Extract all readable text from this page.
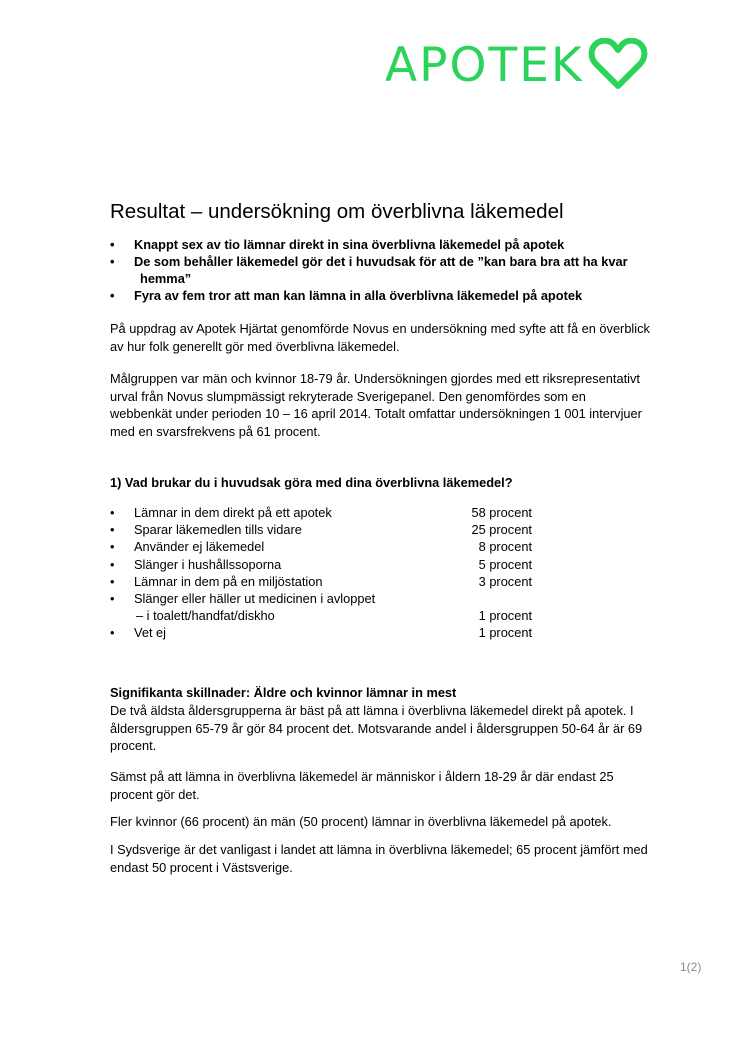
APOTEK
Resultat – undersökning om överblivna läkemedel
•	Knappt sex av tio lämnar direkt in sina överblivna läkemedel på apotek
•	De som behåller läkemedel gör det i huvudsak för att de ”kan bara bra att ha kvar
hemma”
•	Fyra av fem tror att man kan lämna in alla överblivna läkemedel på apotek
På uppdrag av Apotek Hjärtat genomförde Novus en undersökning med syfte att få en överblick av hur folk generellt gör med överblivna läkemedel.
Målgruppen var män och kvinnor 18-79 år. Undersökningen gjordes med ett riksrepresentativt urval från Novus slumpmässigt rekryterade Sverigepanel. Den genomfördes som en webbenkät under perioden 10 – 16 april 2014. Totalt omfattar undersökningen 1 001 intervjuer med en svarsfrekvens på 61 procent.
1) Vad brukar du i huvudsak göra med dina överblivna läkemedel?
•	Lämnar in dem direkt på ett apotek	58 procent
•	Sparar läkemedlen tills vidare	25 procent
•	Använder ej läkemedel	8 procent
•	Slänger i hushållssoporna	5 procent
•	Lämnar in dem på en miljöstation	3 procent
•	Slänger eller häller ut medicinen i avloppet
– i toalett/handfat/diskho	1 procent
•	Vet ej	1 procent
Signifikanta skillnader: Äldre och kvinnor lämnar in mest
De två äldsta åldersgrupperna är bäst på att lämna i överblivna läkemedel direkt på apotek. I åldersgruppen 65-79 år gör 84 procent det. Motsvarande andel i åldersgruppen 50-64 år är 69 procent.
Sämst på att lämna in överblivna läkemedel är människor i åldern 18-29 år där endast 25 procent gör det.
Fler kvinnor (66 procent) än män (50 procent) lämnar in överblivna läkemedel på apotek.
I Sydsverige är det vanligast i landet att lämna in överblivna läkemedel; 65 procent jämfört med endast 50 procent i Västsverige.
1(2)
